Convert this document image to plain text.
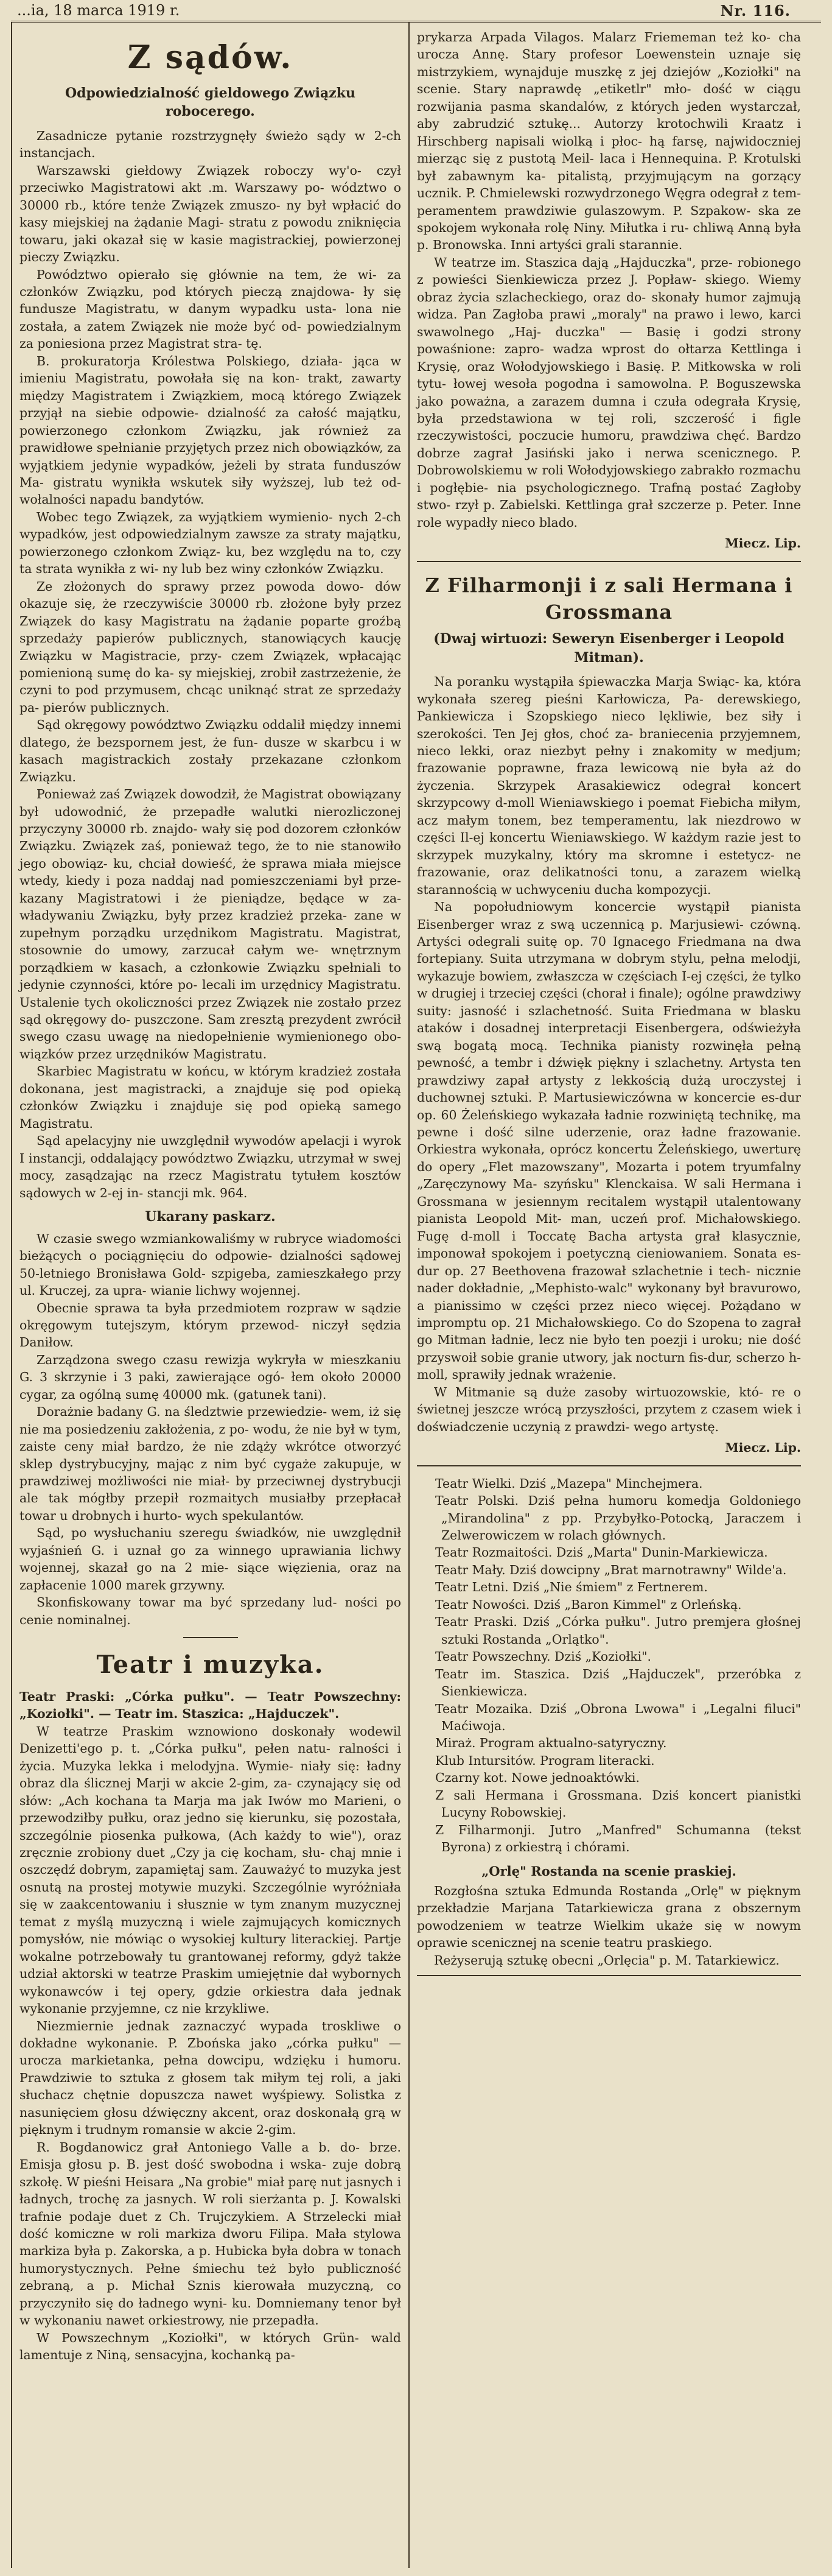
...ia, 18 marca 1919 r.	Nr. 116.
Z sądów.
Odpowiedzialność gieldowego Związku robocerego.

Zasadnicze pytanie rozstrzygnęły świeżo sądy w 2-ch instancjach.

Warszawski giełdowy Związek roboczy wy'o- czył przeciwko Magistratowi akt .m. Warszawy po- wództwo o 30000 rb., które tenże Związek zmuszo- ny był wpłacić do kasy miejskiej na żądanie Magi- stratu z powodu zniknięcia towaru, jaki okazał się w kasie magistrackiej, powierzonej pieczy Związku.

Powództwo opierało się głównie na tem, że wi- za członków Związku, pod których pieczą znajdowa- ły się fundusze Magistratu, w danym wypadku usta- lona nie została, a zatem Związek nie może być od- powiedzialnym za poniesiona przez Magistrat stra- tę.

B. prokuratorja Królestwa Polskiego, działa- jąca w imieniu Magistratu, powołała się na kon- trakt, zawarty między Magistratem i Związkiem, mocą którego Związek przyjął na siebie odpowie- dzialność za całość majątku, powierzonego członkom Związku, jak również za prawidłowe spełnianie przyjętych przez nich obowiązków, za wyjątkiem jedynie wypadków, jeżeli by strata funduszów Ma- gistratu wynikła wskutek siły wyższej, lub też od- wołalności napadu bandytów.

Wobec tego Związek, za wyjątkiem wymienio- nych 2-ch wypadków, jest odpowiedzialnym zawsze za straty majątku, powierzonego członkom Związ- ku, bez względu na to, czy ta strata wynikła z wi- ny lub bez winy członków Związku.

Ze złożonych do sprawy przez powoda dowo- dów okazuje się, że rzeczywiście 30000 rb. złożone były przez Związek do kasy Magistratu na żądanie poparte groźbą sprzedaży papierów publicznych, stanowiących kaucję Związku w Magistracie, przy- czem Związek, wpłacając pomienioną sumę do ka- sy miejskiej, zrobił zastrzeżenie, że czyni to pod przymusem, chcąc uniknąć strat ze sprzedaży pa- pierów publicznych.

Sąd okręgowy powództwo Związku oddalił między innemi dlatego, że bezspornem jest, że fun- dusze w skarbcu i w kasach magistrackich zostały przekazane członkom Związku.

Ponieważ zaś Związek dowodził, że Magistrat obowiązany był udowodnić, że przepadłe walutki nierozliczonej przyczyny 30000 rb. znajdo- wały się pod dozorem członków Związku. Związek zaś, ponieważ tego, że to nie stanowiło jego obowiąz- ku, chciał dowieść, że sprawa miała miejsce wtedy, kiedy i poza naddaj nad pomieszczeniami był prze- kazany Magistratowi i że pieniądze, będące w za- władywaniu Związku, były przez kradzież przeka- zane w zupełnym porządku urzędnikom Magistratu. Magistrat, stosownie do umowy, zarzucał całym we- wnętrznym porządkiem w kasach, a członkowie Związku spełniali to jedynie czynności, które po- lecali im urzędnicy Magistratu. Ustalenie tych okoliczności przez Związek nie zostało przez sąd okręgowy do- puszczone. Sam zresztą prezydent zwrócił swego czasu uwagę na niedopełnienie wymienionego obo- wiązków przez urzędników Magistratu.

Skarbiec Magistratu w końcu, w którym kradzież została dokonana, jest magistracki, a znajduje się pod opieką członków Związku i znajduje się pod opieką samego Magistratu.

Sąd apelacyjny nie uwzględnił wywodów apelacji i wyrok I instancji, oddalający powództwo Związku, utrzymał w swej mocy, zasądzając na rzecz Magistratu tytułem kosztów sądowych w 2-ej in- stancji mk. 964.

Ukarany paskarz.

W czasie swego wzmiankowaliśmy w rubryce wiadomości bieżących o pociągnięciu do odpowie- dzialności sądowej 50-letniego Bronisława Gold- szpigeba, zamieszkałego przy ul. Kruczej, za upra- wianie lichwy wojennej.

Obecnie sprawa ta była przedmiotem rozpraw w sądzie okręgowym tutejszym, którym przewod- niczył sędzia Daniłow.

Zarządzona swego czasu rewizja wykryła w mieszkaniu G. 3 skrzynie i 3 paki, zawierające ogó- łem około 20000 cygar, za ogólną sumę 40000 mk. (gatunek tani).

Dorażnie badany G. na śledztwie przewiedzie- wem, iż się nie ma posiedzeniu zakłożenia, z po- wodu, że nie był w tym, zaiste ceny miał bardzo, że nie zdąży wkrótce otworzyć sklep dystrybucyjny, mając z nim być cygaże zakupuje, w prawdziwej możliwości nie miał- by przeciwnej dystrybucji ale tak mógłby przepił rozmaitych musiałby przepłacał towar u drobnych i hurto- wych spekulantów.

Sąd, po wysłuchaniu szeregu świadków, nie uwzględnił wyjaśnień G. i uznał go za winnego uprawiania lichwy wojennej, skazał go na 2 mie- siące więzienia, oraz na zapłacenie 1000 marek grzywny.

Skonfiskowany towar ma być sprzedany lud- ności po cenie nominalnej.

Teatr i muzyka.

Teatr Praski: „Córka pułku". — Teatr Powszechny: „Koziołki". — Teatr im. Staszica: „Hajduczek".

W teatrze Praskim wznowiono doskonały wodewil Denizetti'ego p. t. „Córka pułku", pełen natu- ralności i życia. Muzyka lekka i melodyjna. Wymie- niały się: ładny obraz dla ślicznej Marji w akcie 2-gim, za- czynający się od słów: „Ach kochana ta Marja ma jak Iwów mo Marieni, o przewodziłby pułku, oraz jedno się kierunku, się pozostała, szczególnie piosenka pułkowa, (Ach każdy to wie"), oraz zręcznie zrobiony duet „Czy ja cię kocham, słu- chaj mnie i oszczędź dobrym, zapamiętaj sam. Zauważyć to muzyka jest osnutą na prostej motywie muzyki. Szczególnie wyróżniała się w zaakcentowaniu i słusznie w tym znanym muzycznej temat z myślą muzyczną i wiele zajmujących komicznych pomysłów, nie mówiąc o wysokiej kultury literackiej. Partje wokalne potrzebowały tu grantowanej reformy, gdyż także udział aktorski w teatrze Praskim umiejętnie dał wybornych wykonawców i tej opery, gdzie orkiestra dała jednak wykonanie przyjemne, cz nie krzykliwe.

Niezmiernie jednak zaznaczyć wypada troskliwe o dokładne wykonanie. P. Zbońska jako „córka pułku" — urocza markietanka, pełna dowcipu, wdzięku i humoru. Prawdziwie to sztuka z głosem tak miłym tej roli, a jaki słuchacz chętnie dopuszcza nawet wyśpiewy. Solistka z nasunięciem głosu dźwięczny akcent, oraz doskonałą grą w pięknym i trudnym romansie w akcie 2-gim.

R. Bogdanowicz grał Antoniego Valle a b. do- brze. Emisja głosu p. B. jest dość swobodna i wska- zuje dobrą szkołę. W pieśni Heisara „Na grobie" miał parę nut jasnych i ładnych, trochę za jasnych. W roli sierżanta p. J. Kowalski trafnie podaje duet z Ch. Trujczykiem. A Strzelecki miał dość komiczne w roli markiza dworu Filipa. Mała stylowa markiza była p. Zakorska, a p. Hubicka była dobra w tonach humorystycznych. Pełne śmiechu też było publiczność zebraną, a p. Michał Sznis kierowała muzyczną, co przyczyniło się do ładnego wyni- ku. Domniemany tenor był w wykonaniu nawet orkiestrowy, nie przepadła.

W Powszechnym „Koziołki", w których Grün- wald lamentuje z Niną, sensacyjna, kochanką pa-

prykarza Arpada Vilagos. Malarz Friememan też ko- cha urocza Annę. Stary profesor Loewenstein uznaje się mistrzykiem, wynajduje muszkę z jej dziejów „Koziołki" na scenie. Stary naprawdę „etiketlr" mło- dość w ciągu rozwijania pasma skandalów, z których jeden wystarczał, aby zabrudzić sztukę... Autorzy krotochwili Kraatz i Hirschberg napisali wiolką i płoc- hą farsę, najwidoczniej mierząc się z pustotą Meil- laca i Hennequina. P. Krotulski był zabawnym ka- pitalistą, przyjmującym na gorzący ucznik. P. Chmielewski rozwydrzonego Węgra odegrał z tem- peramentem prawdziwie gulaszowym. P. Szpakow- ska ze spokojem wykonała rolę Niny. Miłutka i ru- chliwą Anną była p. Bronowska. Inni artyści grali starannie.

W teatrze im. Staszica dają „Hajduczka", prze- robionego z powieści Sienkiewicza przez J. Popław- skiego. Wiemy obraz życia szlacheckiego, oraz do- skonały humor zajmują widza. Pan Zagłoba prawi „moraly" na prawo i lewo, karci swawolnego „Haj- duczka" — Basię i godzi strony powaśnione: zapro- wadza wprost do ołtarza Kettlinga i Krysię, oraz Wołodyjowskiego i Basię. P. Mitkowska w roli tytu- łowej wesoła pogodna i samowolna. P. Boguszewska jako poważna, a zarazem dumna i czuła odegrała Krysię, była przedstawiona w tej roli, szczerość i figle rzeczywistości, poczucie humoru, prawdziwa chęć. Bardzo dobrze zagrał Jasiński jako i nerwa scenicznego. P. Dobrowolskiemu w roli Wołodyjowskiego zabrakło rozmachu i pogłębie- nia psychologicznego. Trafną postać Zagłoby stwo- rzył p. Zabielski. Kettlinga grał szczerze p. Peter. Inne role wypadły nieco blado.

Miecz. Lip.
Z Filharmonji i z sali Hermana i Grossmana
(Dwaj wirtuozi: Seweryn Eisenberger i Leopold Mitman).

Na poranku wystąpiła śpiewaczka Marja Swiąc- ka, która wykonała szereg pieśni Karłowicza, Pa- derewskiego, Pankiewicza i Szopskiego nieco lękliwie, bez siły i szerokości. Ten Jej głos, choć za- braniecenia przyjemnem, nieco lekki, oraz niezbyt pełny i znakomity w medjum; frazowanie poprawne, fraza lewicową nie była aż do życzenia. Skrzypek Arasakiewicz odegrał koncert skrzypcowy d-moll Wieniawskiego i poemat Fiebicha miłym, acz małym tonem, bez temperamentu, lak niezdrowo w części Il-ej koncertu Wieniawskiego. W każdym razie jest to skrzypek muzykalny, który ma skromne i estetycz- ne frazowanie, oraz delikatności tonu, a zarazem wielką starannością w uchwyceniu ducha kompozycji.

Na popołudniowym koncercie wystąpił pianista Eisenberger wraz z swą uczennicą p. Marjusiewi- czówną. Artyści odegrali suitę op. 70 Ignacego Friedmana na dwa fortepiany. Suita utrzymana w dobrym stylu, pełna melodji, wykazuje bowiem, zwłaszcza w częściach I-ej części, że tylko w drugiej i trzeciej części (chorał i finale); ogólne prawdziwy suity: jasność i szlachetność. Suita Friedmana w blasku ataków i dosadnej interpretacji Eisenbergera, odświeżyła swą bogatą mocą. Technika pianisty rozwinęła pełną pewność, a tembr i dźwięk piękny i szlachetny. Artysta ten prawdziwy zapał artysty z lekkością dużą uroczystej i duchownej sztuki. P. Martusiewiczówna w koncercie es-dur op. 60 Żeleńskiego wykazała ładnie rozwiniętą technikę, ma pewne i dość silne uderzenie, oraz ładne frazowanie. Orkiestra wykonała, oprócz koncertu Żeleńskiego, uwerturę do opery „Flet mazowszany", Mozarta i potem tryumfalny „Zaręczynowy Ma- szyńsku" Klenckaisa. W sali Hermana i Grossmana w jesiennym recitalem wystąpił utalentowany pianista Leopold Mit- man, uczeń prof. Michałowskiego. Fugę d-moll i Toccatę Bacha artysta grał klasycznie, imponował spokojem i poetyczną cieniowaniem. Sonata es- dur op. 27 Beethovena frazował szlachetnie i tech- nicznie nader dokładnie, „Mephisto-walc" wykonany był bravurowo, a pianissimo w części przez nieco więcej. Pożądano w impromptu op. 21 Michałowskiego. Co do Szopena to zagrał go Mitman ładnie, lecz nie było ten poezji i uroku; nie dość przyswoił sobie granie utwory, jak nocturn fis-dur, scherzo h-moll, sprawiły jednak wrażenie.

W Mitmanie są duże zasoby wirtuozowskie, któ- re o świetnej jeszcze wrócą przyszłości, przytem z czasem wiek i doświadczenie uczynią z prawdzi- wego artystę.

Miecz. Lip.

Teatr Wielki. Dziś „Mazepa" Minchejmera.

Teatr Polski. Dziś pełna humoru komedja Goldoniego „Mirandolina" z pp. Przybyłko-Potocką, Jaraczem i Zelwerowiczem w rolach głównych.

Teatr Rozmaitości. Dziś „Marta" Dunin-Markiewicza.

Teatr Mały. Dziś dowcipny „Brat marnotrawny" Wilde'a.

Teatr Letni. Dziś „Nie śmiem" z Fertnerem.

Teatr Nowości. Dziś „Baron Kimmel" z Orleńską.

Teatr Praski. Dziś „Córka pułku". Jutro premjera głośnej sztuki Rostanda „Orlątko".

Teatr Powszechny. Dziś „Koziołki".

Teatr im. Staszica. Dziś „Hajduczek", przeróbka z Sienkiewicza.

Teatr Mozaika. Dziś „Obrona Lwowa" i „Legalni filuci" Maćiwoja.

Miraż. Program aktualno-satyryczny.

Klub Intursitów. Program literacki.

Czarny kot. Nowe jednoaktówki.

Z sali Hermana i Grossmana. Dziś koncert pianistki Lucyny Robowskiej.

Z Filharmonji. Jutro „Manfred" Schumanna (tekst Byrona) z orkiestrą i chórami.

„Orlę" Rostanda na scenie praskiej.

Rozgłośna sztuka Edmunda Rostanda „Orlę" w pięknym przekładzie Marjana Tatarkiewicza grana z obszernym powodzeniem w teatrze Wielkim ukaże się w nowym oprawie scenicznej na scenie teatru praskiego.

Reżyserują sztukę obecni „Orlęcia" p. M. Tatarkiewicz.
